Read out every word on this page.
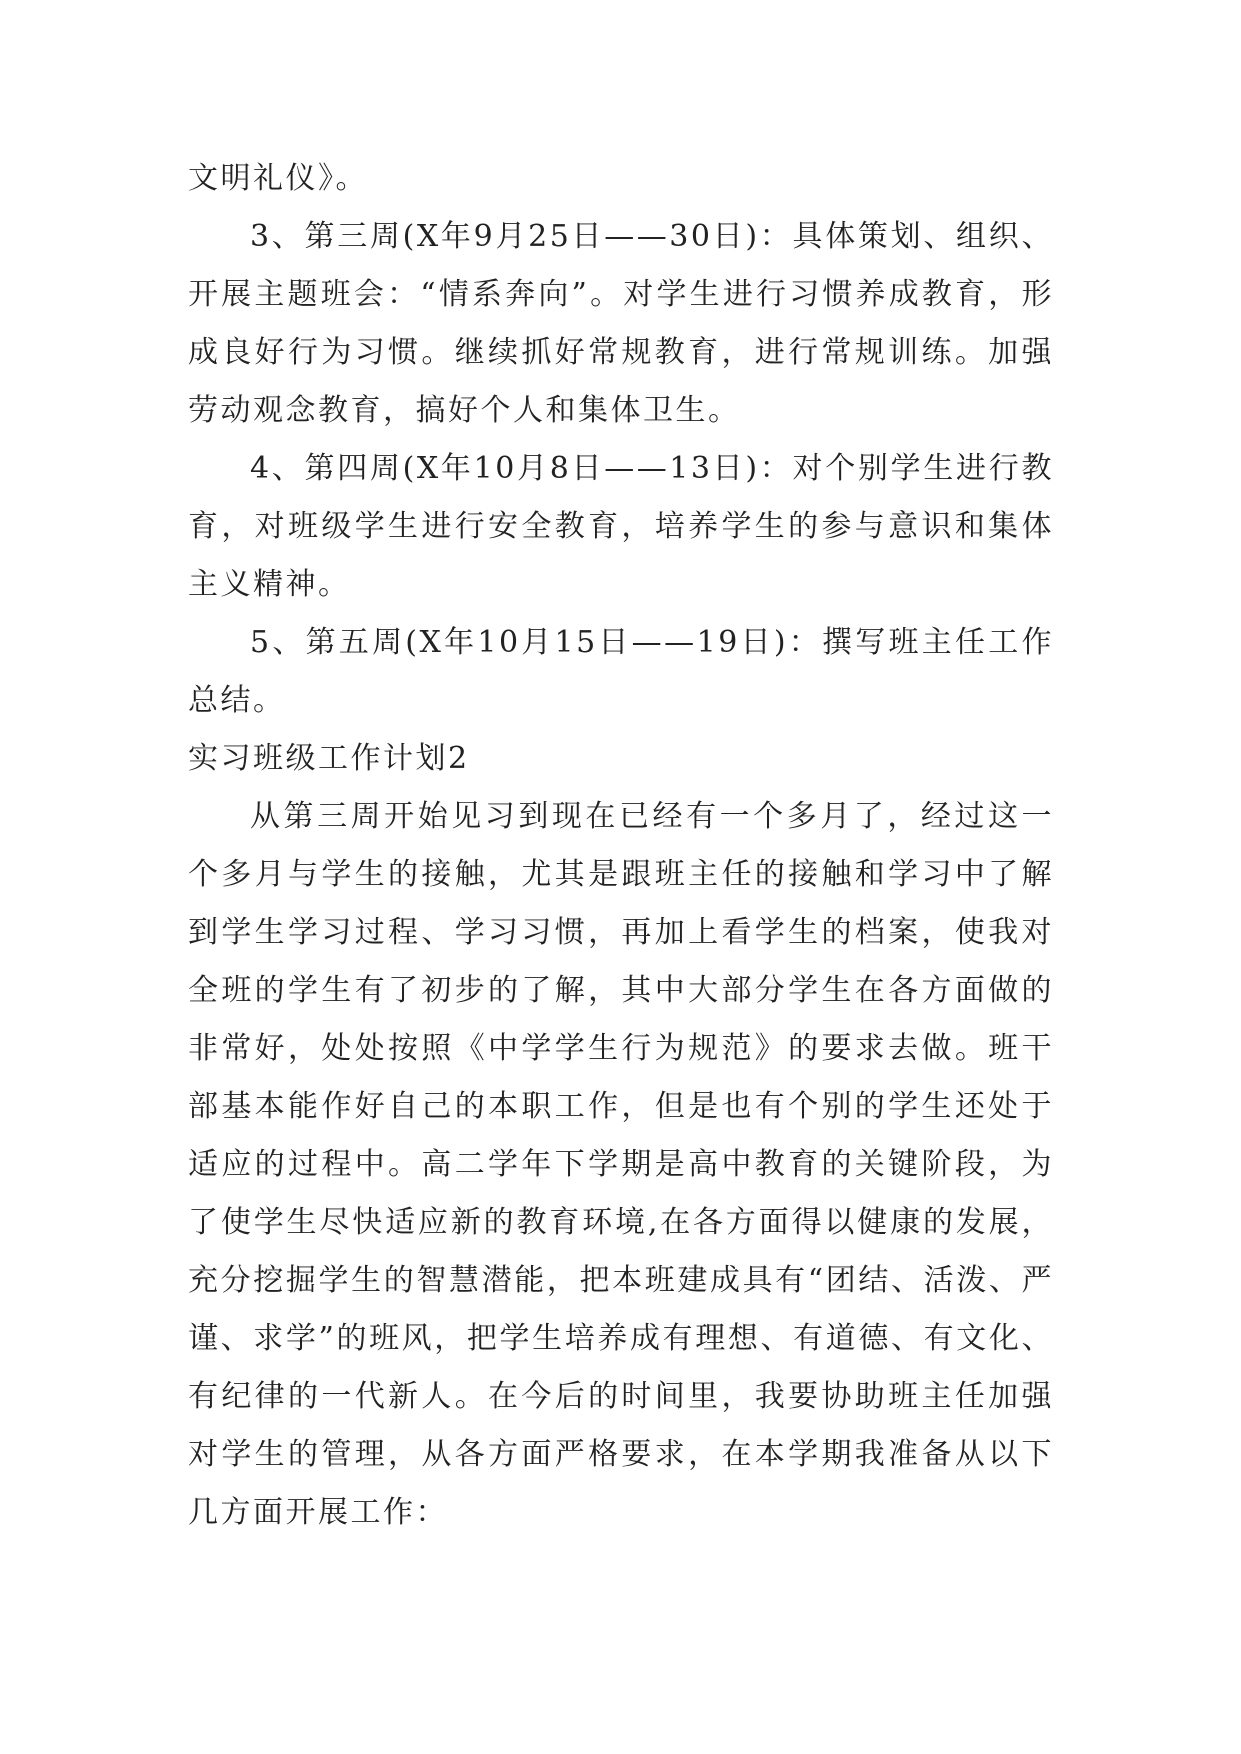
文明礼仪》。

3、第三周(X年9月25日——30日)：具体策划、组织、开展主题班会：“情系奔向”。对学生进行习惯养成教育，形成良好行为习惯。继续抓好常规教育，进行常规训练。加强劳动观念教育，搞好个人和集体卫生。

4、第四周(X年10月8日——13日)：对个别学生进行教育，对班级学生进行安全教育，培养学生的参与意识和集体主义精神。

5、第五周(X年10月15日——19日)：撰写班主任工作总结。

实习班级工作计划2

从第三周开始见习到现在已经有一个多月了，经过这一个多月与学生的接触，尤其是跟班主任的接触和学习中了解到学生学习过程、学习习惯，再加上看学生的档案，使我对全班的学生有了初步的了解，其中大部分学生在各方面做的非常好，处处按照《中学学生行为规范》的要求去做。班干部基本能作好自己的本职工作，但是也有个别的学生还处于适应的过程中。高二学年下学期是高中教育的关键阶段，为了使学生尽快适应新的教育环境,在各方面得以健康的发展，充分挖掘学生的智慧潜能，把本班建成具有“团结、活泼、严谨、求学”的班风，把学生培养成有理想、有道德、有文化、有纪律的一代新人。在今后的时间里，我要协助班主任加强对学生的管理，从各方面严格要求，在本学期我准备从以下几方面开展工作：
